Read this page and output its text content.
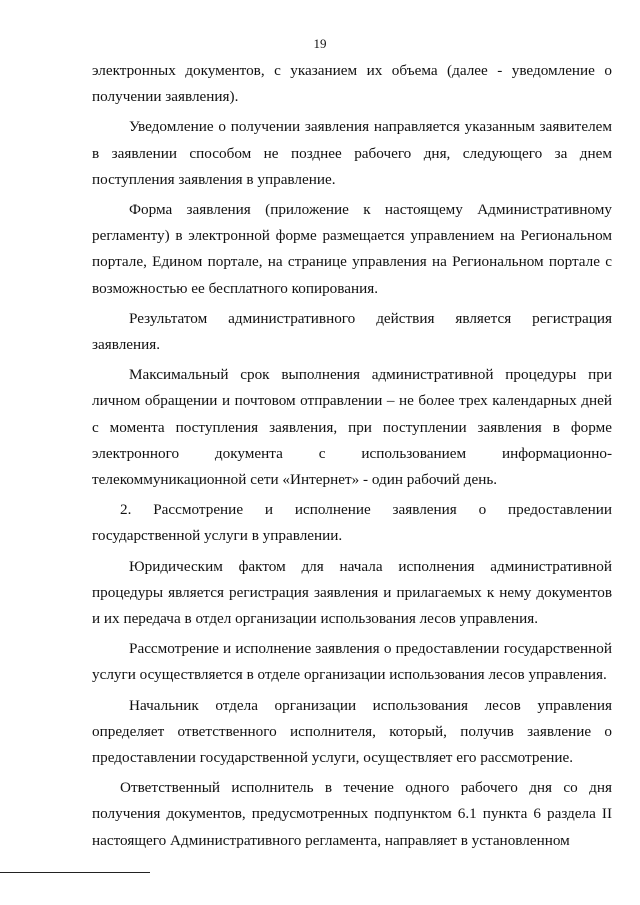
19

электронных документов, с указанием их объема (далее - уведомление о получении заявления).

Уведомление о получении заявления направляется указанным заявителем в заявлении способом не позднее рабочего дня, следующего за днем поступления заявления в управление.

Форма заявления (приложение к настоящему Административному регламенту) в электронной форме размещается управлением на Региональном портале, Едином портале, на странице управления на Региональном портале с возможностью ее бесплатного копирования.

Результатом административного действия является регистрация заявления.

Максимальный срок выполнения административной процедуры при личном обращении и почтовом отправлении – не более трех календарных дней с момента поступления заявления, при поступлении заявления в форме электронного документа с использованием информационно-телекоммуникационной сети «Интернет» - один рабочий день.

2. Рассмотрение и исполнение заявления о предоставлении государственной услуги в управлении.

Юридическим фактом для начала исполнения административной процедуры является регистрация заявления и прилагаемых к нему документов и их передача в отдел организации использования лесов управления.

Рассмотрение и исполнение заявления о предоставлении государственной услуги осуществляется в отделе организации использования лесов управления.

Начальник отдела организации использования лесов управления определяет ответственного исполнителя, который, получив заявление о предоставлении государственной услуги, осуществляет его рассмотрение.

Ответственный исполнитель в течение одного рабочего дня со дня получения документов, предусмотренных подпунктом 6.1 пункта 6 раздела II настоящего Административного регламента, направляет в установленном
